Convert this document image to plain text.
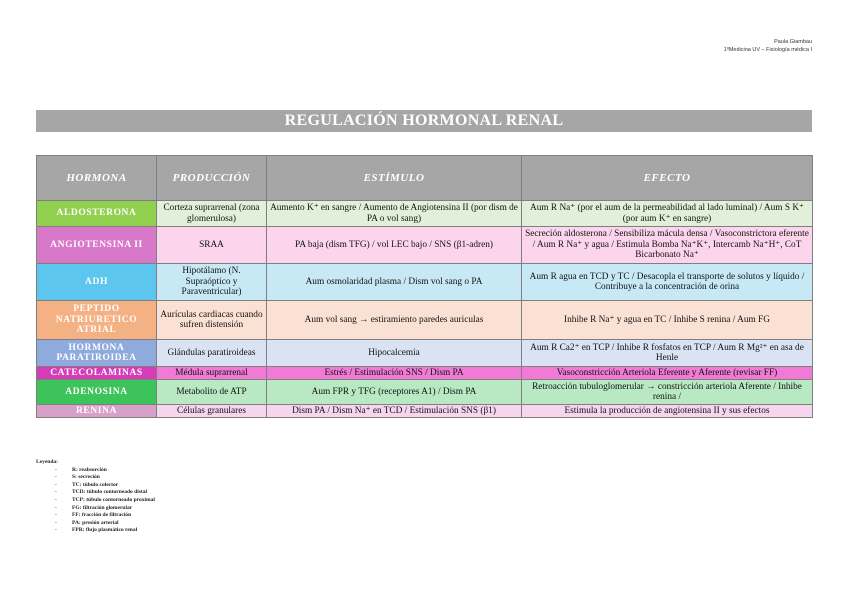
Paula Giambau
1ºMedicina UV – Fisiología médica I
REGULACIÓN HORMONAL RENAL
HORMONA	PRODUCCIÓN	ESTÍMULO	EFECTO
ALDOSTERONA	Corteza suprarrenal (zona glomerulosa)	Aumento K⁺ en sangre / Aumento de Angiotensina II (por dism de PA o vol sang)	Aum R Na⁺ (por el aum de la permeabilidad al lado luminal) / Aum S K⁺ (por aum K⁺ en sangre)
ANGIOTENSINA II	SRAA	PA baja (dism TFG) / vol LEC bajo / SNS (β1-adren)	Secreción aldosterona / Sensibiliza mácula densa / Vasoconstrictora eferente / Aum R Na⁺ y agua / Estimula Bomba Na⁺K⁺, Intercamb Na⁺H⁺, CoT Bicarbonato Na⁺
ADH	Hipotálamo (N. Supraóptico y Paraventricular)	Aum osmolaridad plasma / Dism vol sang o PA	Aum R agua en TCD y TC / Desacopla el transporte de solutos y líquido / Contribuye a la concentración de orina
PEPTIDO NATRIURETICO ATRIAL	Aurículas cardiacas cuando sufren distensión	Aum vol sang → estiramiento paredes auriculas	Inhibe R Na⁺ y agua en TC / Inhibe S renina / Aum FG
HORMONA PARATIROIDEA	Glándulas paratiroideas	Hipocalcemia	Aum R Ca2⁺ en TCP / Inhibe R fosfatos en TCP / Aum R Mg²⁺ en asa de Henle
CATECOLAMINAS	Médula suprarrenal	Estrés / Estimulación SNS / Dism PA	Vasoconstricción Arteriola Eferente y Aferente (revisar FF)
ADENOSINA	Metabolito de ATP	Aum FPR y TFG (receptores A1) / Dism PA	Retroacción tubuloglomerular → constricción arteriola Aferente / Inhibe renina /
RENINA	Células granulares	Dism PA / Dism Na⁺ en TCD / Estimulación SNS (β1)	Estimula la producción de angiotensina II y sus efectos
Leyenda:
-	R: reabsorción
-	S: secreción
-	TC: túbulo colector
-	TCD: túbulo contorneado distal
-	TCP: túbulo contorneado proximal
-	FG: filtración glomerular
-	FF: fracción de filtración
-	PA: presión arterial
-	FPR: flujo plasmático renal
